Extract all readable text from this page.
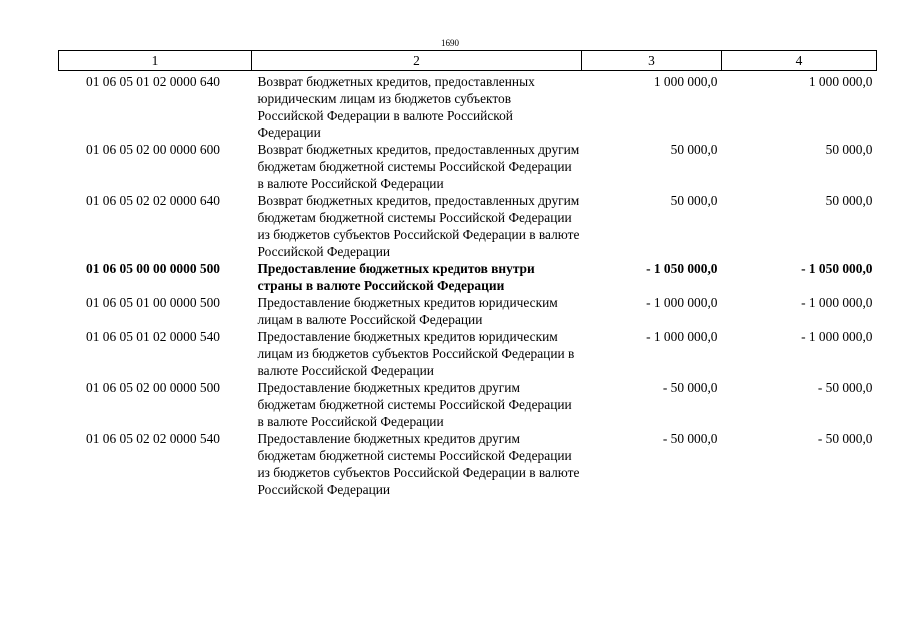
1690
1	2	3	4
01 06 05 01 02 0000 640	Возврат бюджетных кредитов, предоставленных юридическим лицам из бюджетов субъектов Российской Федерации в валюте Российской Федерации	1 000 000,0	1 000 000,0
01 06 05 02 00 0000 600	Возврат бюджетных кредитов, предоставленных другим бюджетам бюджетной системы Российской Федерации в валюте Российской Федерации	50 000,0	50 000,0
01 06 05 02 02 0000 640	Возврат бюджетных кредитов, предоставленных другим бюджетам бюджетной системы Российской Федерации из бюджетов субъектов Российской Федерации в валюте Российской Федерации	50 000,0	50 000,0
01 06 05 00 00 0000 500	Предоставление бюджетных кредитов внутри страны в валюте Российской Федерации	- 1 050 000,0	- 1 050 000,0
01 06 05 01 00 0000 500	Предоставление бюджетных кредитов юридическим лицам в валюте Российской Федерации	- 1 000 000,0	- 1 000 000,0
01 06 05 01 02 0000 540	Предоставление бюджетных кредитов юридическим лицам из бюджетов субъектов Российской Федерации в валюте Российской Федерации	- 1 000 000,0	- 1 000 000,0
01 06 05 02 00 0000 500	Предоставление бюджетных кредитов другим бюджетам бюджетной системы Российской Федерации в валюте Российской Федерации	- 50 000,0	- 50 000,0
01 06 05 02 02 0000 540	Предоставление бюджетных кредитов другим бюджетам бюджетной системы Российской Федерации из бюджетов субъектов Российской Федерации в валюте Российской Федерации	- 50 000,0	- 50 000,0
